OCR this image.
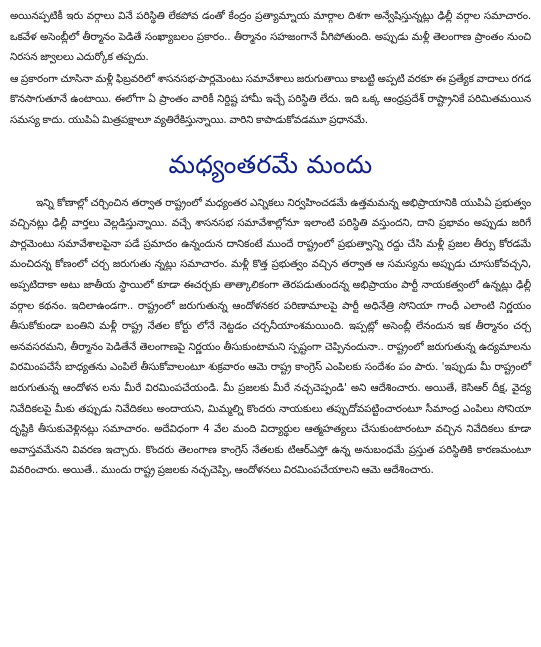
అయినప్పటికీ ఇరు వర్గాలు వినే పరిస్థితి లేకపోవ డంతో కేంద్రం ప్రత్యామ్నాయ మార్గాల దిశగా అన్వేషిస్తున్నట్లు ఢిల్లీ వర్గాల సమాచారం. ఒకవేళ అసెంబ్లీలో తీర్మానం పెడితే సంఖ్యాబలం ప్రకారం.. తీర్మానం సహజంగానే వీగిపోతుంది. అప్పుడు మళ్లీ తెలంగాణ ప్రాంతం నుంచి నిరసన జ్వాలలు ఎదుర్కోక తప్పదు.

ఆ ప్రకారంగా చూసినా మళ్లీ ఫిబ్రవరిలో శాసనసభ-పార్లమెంటు సమావేశాలు జరుగుతాయి కాబట్టి అప్పటి వరకూ ఈ ప్రత్యేక వాదాలు రగడ కొనసాగుతూనే ఉంటాయి. ఈలోగా ఏ ప్రాంతం వారికీ నిర్దిష్ట హామీ ఇచ్చే పరిస్థితి లేదు. ఇది ఒక్క ఆంధ్రప్రదేశ్ రాష్ట్రానికే పరిమితమయిన సమస్య కాదు. యుపిఏ మిత్రపక్షాలూ వ్యతిరేకిస్తున్నాయి. వారిని కాపాడుకోవడమూ ప్రధానమే.

మధ్యంతరమే మందు

ఇన్ని కోణాల్లో చర్చించిన తర్వాత రాష్ట్రంలో మధ్యంతర ఎన్నికలు నిర్వహించడమే ఉత్తమమన్న అభిప్రాయానికి యుపిఏ ప్రభుత్వం వచ్చినట్లు ఢిల్లీ వార్తలు వెల్లడిస్తున్నాయి. వచ్చే శాసనసభ సమావేశాల్లోనూ ఇలాంటి పరిస్థితి వస్తుందని, దాని ప్రభావం అప్పుడు జరిగే పార్లమెంటు సమావేశాలపైనా పడే ప్రమాదం ఉన్నందున దానికంటే ముందే రాష్ట్రంలో ప్రభుత్వాన్ని రద్దు చేసి మళ్లీ ప్రజల తీర్పు కోరడమే మంచిదన్న కోణంలో చర్చ జరుగుతు న్నట్లు సమాచారం. మళ్లీ కొత్త ప్రభుత్వం వచ్చిన తర్వాత ఆ సమస్యను అప్పుడు చూసుకోవచ్చని, అప్పటిదాకా అటు జాతీయ స్థాయిలో కూడా ఈచర్చకు తాత్కాలికంగా తెరపడుతుందన్న అభిప్రాయం పార్టీ నాయకత్వంలో ఉన్నట్లు ఢిల్లీ వర్గాల కథనం. ఇదిలాఉండగా.. రాష్ట్రంలో జరుగుతున్న ఆందోళనకర పరిణామాలపై పార్టీ అధినేత్రి సోనియా గాంధీ ఎలాంటి నిర్ణయం తీసుకోకుండా బంతిని మళ్లీ రాష్ట్ర నేతల కోర్టు లోనే నెట్టడం చర్చనీయాంశమయింది. ఇప్పట్లో అసెంబ్లీ లేనందున ఇక తీర్మానం చర్చ అనవసరమని, తీర్మానం పెడితేనే తెలంగాణపై నిర్ణయం తీసుకుంటామని స్పష్టంగా చెప్పినందునా.. రాష్ట్రంలో జరుగుతున్న ఉద్యమాలను విరమింపచేసే బాధ్యతను ఎంపిలే తీసుకోవాలంటూ శుక్రవారం ఆమె రాష్ట్ర కాంగ్రెస్ ఎంపిలకు సందేశం పం పారు. 'ఇప్పుడు మీ రాష్ట్రంలో జరుగుతున్న ఆందోళన లను మీరే విరమింపచేయండి. మీ ప్రజలకు మీరే నచ్చచెప్పండి' అని ఆదేశించారు. అయితే, కెసిఆర్ దీక్ష, వైద్య నివేదికలపై మీకు తప్పుడు నివేదికలు అందాయని, మిమ్మల్ని కొందరు నాయకులు తప్పుదోవపట్టించారంటూ సీమాంధ్ర ఎంపిలు సోనియా దృష్టికి తీసుకువెళ్లినట్లు సమాచారం. అదేవిధంగా 4 వేల మంది విద్యార్థుల ఆత్మహత్యలు చేసుకుంటారంటూ వచ్చిన నివేదికలు కూడా అవాస్తవమేనని వివరణ ఇచ్చారు. కొందరు తెలంగాణ కాంగ్రెస్ నేతలకు టిఆర్ఎస్తో ఉన్న అనుబంధమే ప్రస్తుత పరిస్థితికి కారణమంటూ వివరించారు. అయితే.. ముందు రాష్ట్ర ప్రజలకు నచ్చచెప్పి, ఆందోళనలు విరమింపచేయాలని ఆమె ఆదేశించారు.
